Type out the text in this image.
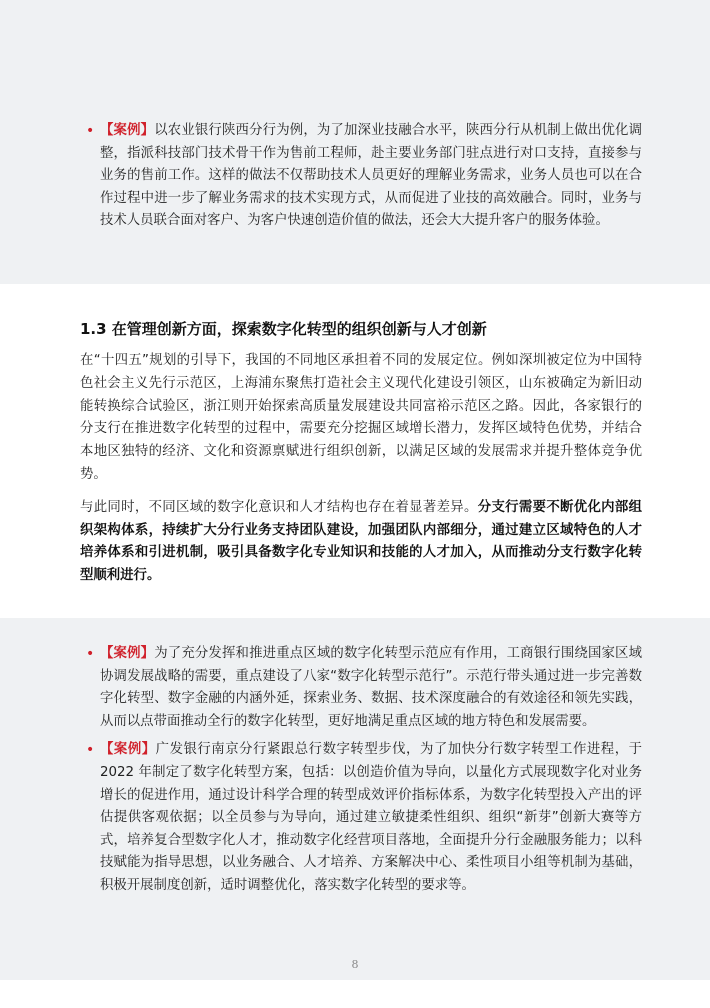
• 【案例】以农业银行陕西分行为例，为了加深业技融合水平，陕西分行从机制上做出优化调整，指派科技部门技术骨干作为售前工程师，赴主要业务部门驻点进行对口支持，直接参与业务的售前工作。这样的做法不仅帮助技术人员更好的理解业务需求，业务人员也可以在合作过程中进一步了解业务需求的技术实现方式，从而促进了业技的高效融合。同时，业务与技术人员联合面对客户、为客户快速创造价值的做法，还会大大提升客户的服务体验。
1.3 在管理创新方面，探索数字化转型的组织创新与人才创新

在“十四五”规划的引导下，我国的不同地区承担着不同的发展定位。例如深圳被定位为中国特色社会主义先行示范区，上海浦东聚焦打造社会主义现代化建设引领区，山东被确定为新旧动能转换综合试验区，浙江则开始探索高质量发展建设共同富裕示范区之路。因此，各家银行的分支行在推进数字化转型的过程中，需要充分挖掘区域增长潜力，发挥区域特色优势，并结合本地区独特的经济、文化和资源禀赋进行组织创新，以满足区域的发展需求并提升整体竞争优势。

与此同时，不同区域的数字化意识和人才结构也存在着显著差异。分支行需要不断优化内部组织架构体系，持续扩大分行业务支持团队建设，加强团队内部细分，通过建立区域特色的人才培养体系和引进机制，吸引具备数字化专业知识和技能的人才加入，从而推动分支行数字化转型顺利进行。

• 【案例】为了充分发挥和推进重点区域的数字化转型示范应有作用，工商银行围绕国家区域协调发展战略的需要，重点建设了八家“数字化转型示范行”。示范行带头通过进一步完善数字化转型、数字金融的内涵外延，探索业务、数据、技术深度融合的有效途径和领先实践，从而以点带面推动全行的数字化转型，更好地满足重点区域的地方特色和发展需要。
• 【案例】广发银行南京分行紧跟总行数字转型步伐，为了加快分行数字转型工作进程，于 2022 年制定了数字化转型方案，包括：以创造价值为导向，以量化方式展现数字化对业务增长的促进作用，通过设计科学合理的转型成效评价指标体系，为数字化转型投入产出的评估提供客观依据；以全员参与为导向，通过建立敏捷柔性组织、组织“新芽”创新大赛等方式，培养复合型数字化人才，推动数字化经营项目落地，全面提升分行金融服务能力；以科技赋能为指导思想，以业务融合、人才培养、方案解决中心、柔性项目小组等机制为基础，积极开展制度创新，适时调整优化，落实数字化转型的要求等。
8
